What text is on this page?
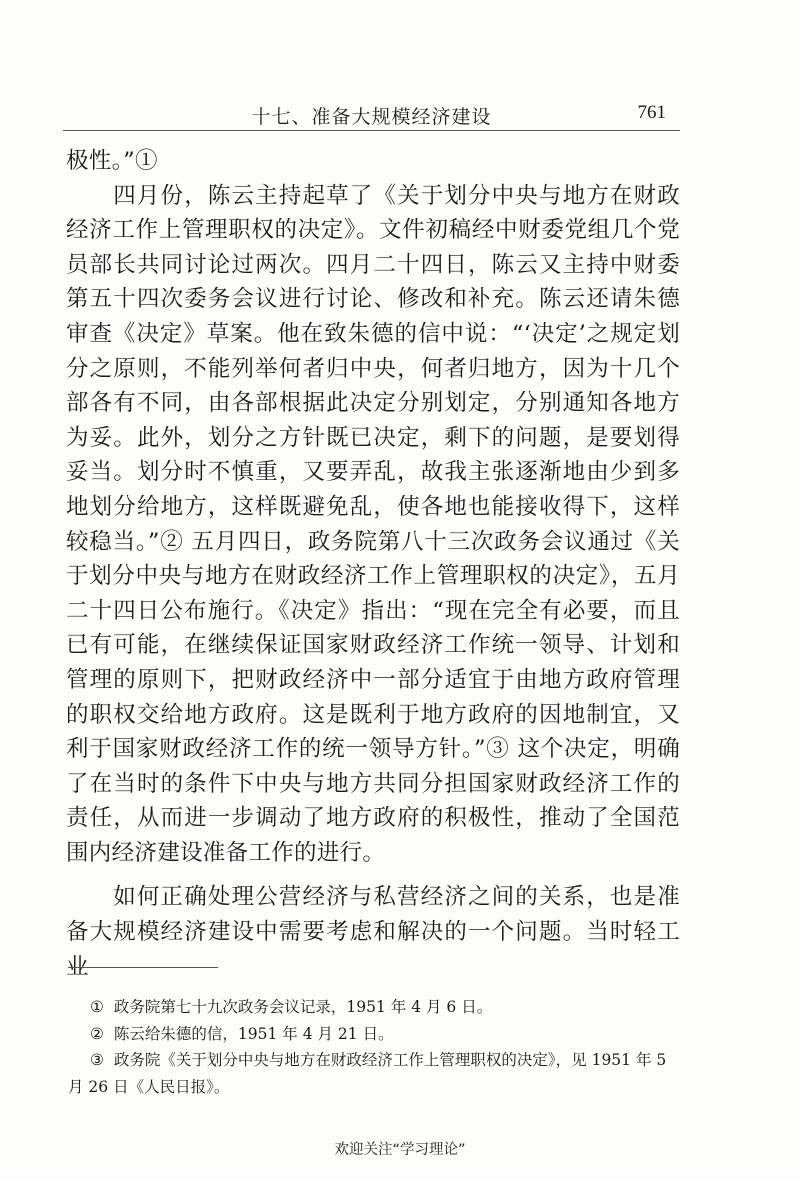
十七、准备大规模经济建设	761

极性。”①

四月份，陈云主持起草了《关于划分中央与地方在财政经济工作上管理职权的决定》。文件初稿经中财委党组几个党员部长共同讨论过两次。四月二十四日，陈云又主持中财委第五十四次委务会议进行讨论、修改和补充。陈云还请朱德审查《决定》草案。他在致朱德的信中说：“‘决定’之规定划分之原则，不能列举何者归中央，何者归地方，因为十几个部各有不同，由各部根据此决定分别划定，分别通知各地方为妥。此外，划分之方针既已决定，剩下的问题，是要划得妥当。划分时不慎重，又要弄乱，故我主张逐渐地由少到多地划分给地方，这样既避免乱，使各地也能接收得下，这样较稳当。”② 五月四日，政务院第八十三次政务会议通过《关于划分中央与地方在财政经济工作上管理职权的决定》，五月二十四日公布施行。《决定》指出：“现在完全有必要，而且已有可能，在继续保证国家财政经济工作统一领导、计划和管理的原则下，把财政经济中一部分适宜于由地方政府管理的职权交给地方政府。这是既利于地方政府的因地制宜，又利于国家财政经济工作的统一领导方针。”③ 这个决定，明确了在当时的条件下中央与地方共同分担国家财政经济工作的责任，从而进一步调动了地方政府的积极性，推动了全国范围内经济建设准备工作的进行。

如何正确处理公营经济与私营经济之间的关系，也是准备大规模经济建设中需要考虑和解决的一个问题。当时轻工业

① 政务院第七十九次政务会议记录，1951 年 4 月 6 日。

② 陈云给朱德的信，1951 年 4 月 21 日。

③ 政务院《关于划分中央与地方在财政经济工作上管理职权的决定》，见 1951 年 5 月 26 日《人民日报》。

欢迎关注“学习理论”
